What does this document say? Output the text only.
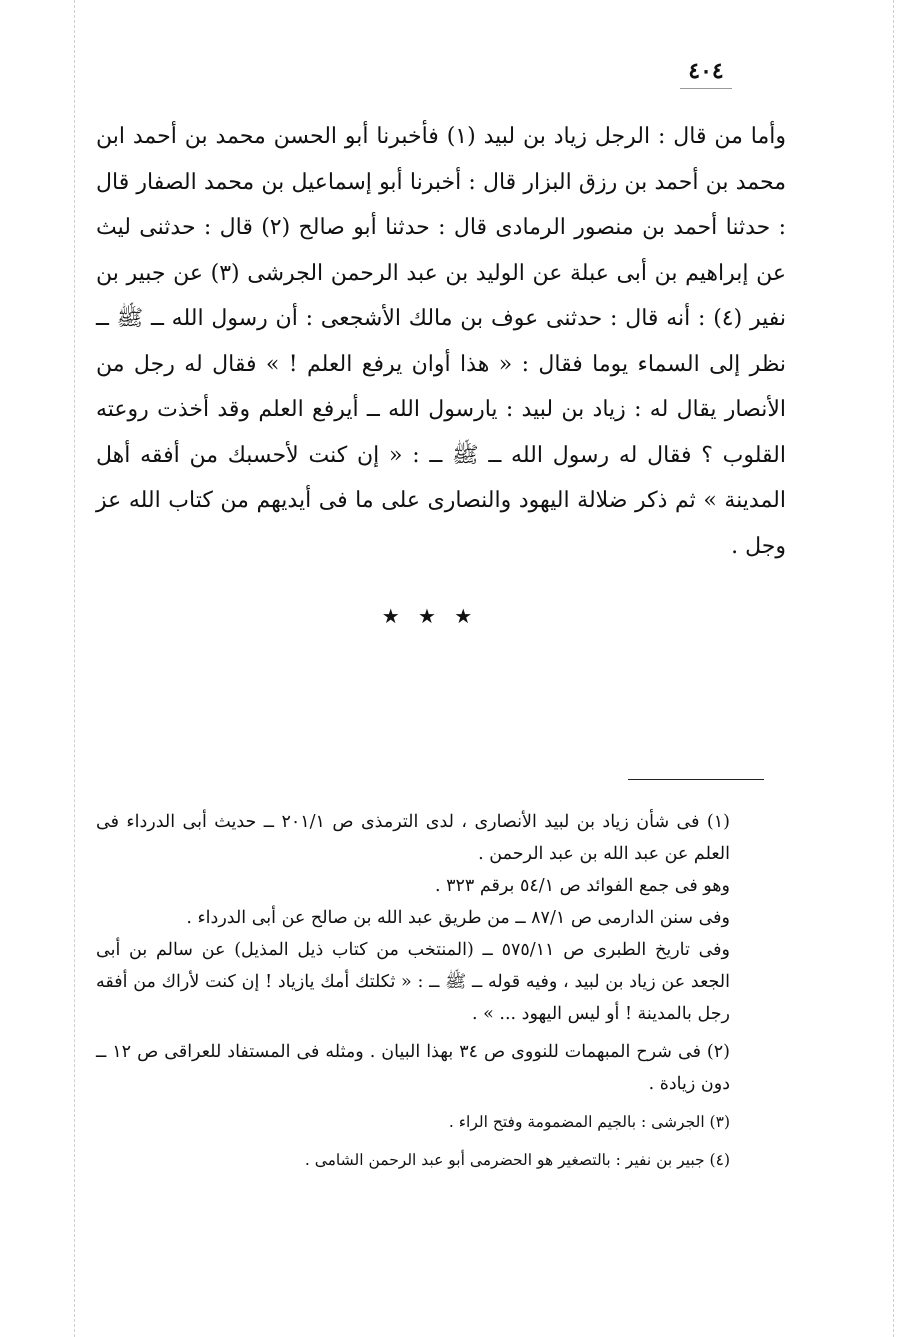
٤٠٤

وأما من قال : الرجل زياد بن لبيد (١) فأخبرنا أبو الحسن محمد بن أحمد ابن محمد بن أحمد بن رزق البزار قال : أخبرنا أبو إسماعيل بن محمد الصفار قال : حدثنا أحمد بن منصور الرمادى قال : حدثنا أبو صالح (٢) قال : حدثنى ليث عن إبراهيم بن أبى عبلة عن الوليد بن عبد الرحمن الجرشى (٣) عن جبير بن نفير (٤) : أنه قال : حدثنى عوف بن مالك الأشجعى : أن رسول الله ــ ﷺ ــ نظر إلى السماء يوما فقال : « هذا أوان يرفع العلم ! » فقال له رجل من الأنصار يقال له : زياد بن لبيد : يارسول الله ــ أيرفع العلم وقد أخذت روعته القلوب ؟ فقال له رسول الله ــ ﷺ ــ : « إن كنت لأحسبك من أفقه أهل المدينة » ثم ذكر ضلالة اليهود والنصارى على ما فى أيديهم من كتاب الله عز وجل .

★ ★ ★

(١) فى شأن زياد بن لبيد الأنصارى ، لدى الترمذى ص ٢٠١/١ ــ حديث أبى الدرداء فى العلم عن عبد الله بن عبد الرحمن .

وهو فى جمع الفوائد ص ٥٤/١ برقم ٣٢٣ .

وفى سنن الدارمى ص ٨٧/١ ــ من طريق عبد الله بن صالح عن أبى الدرداء .

وفى تاريخ الطبرى ص ٥٧٥/١١ ــ (المنتخب من كتاب ذيل المذيل) عن سالم بن أبى الجعد عن زياد بن لبيد ، وفيه قوله ــ ﷺ ــ : « ثكلتك أمك يازياد ! إن كنت لأراك من أفقه رجل بالمدينة ! أو ليس اليهود ... » .

(٢) فى شرح المبهمات للنووى ص ٣٤ بهذا البيان . ومثله فى المستفاد للعراقى ص ١٢ ــ دون زيادة .

(٣) الجرشى : بالجيم المضمومة وفتح الراء .

(٤) جبير بن نفير : بالتصغير هو الحضرمى أبو عبد الرحمن الشامى .
